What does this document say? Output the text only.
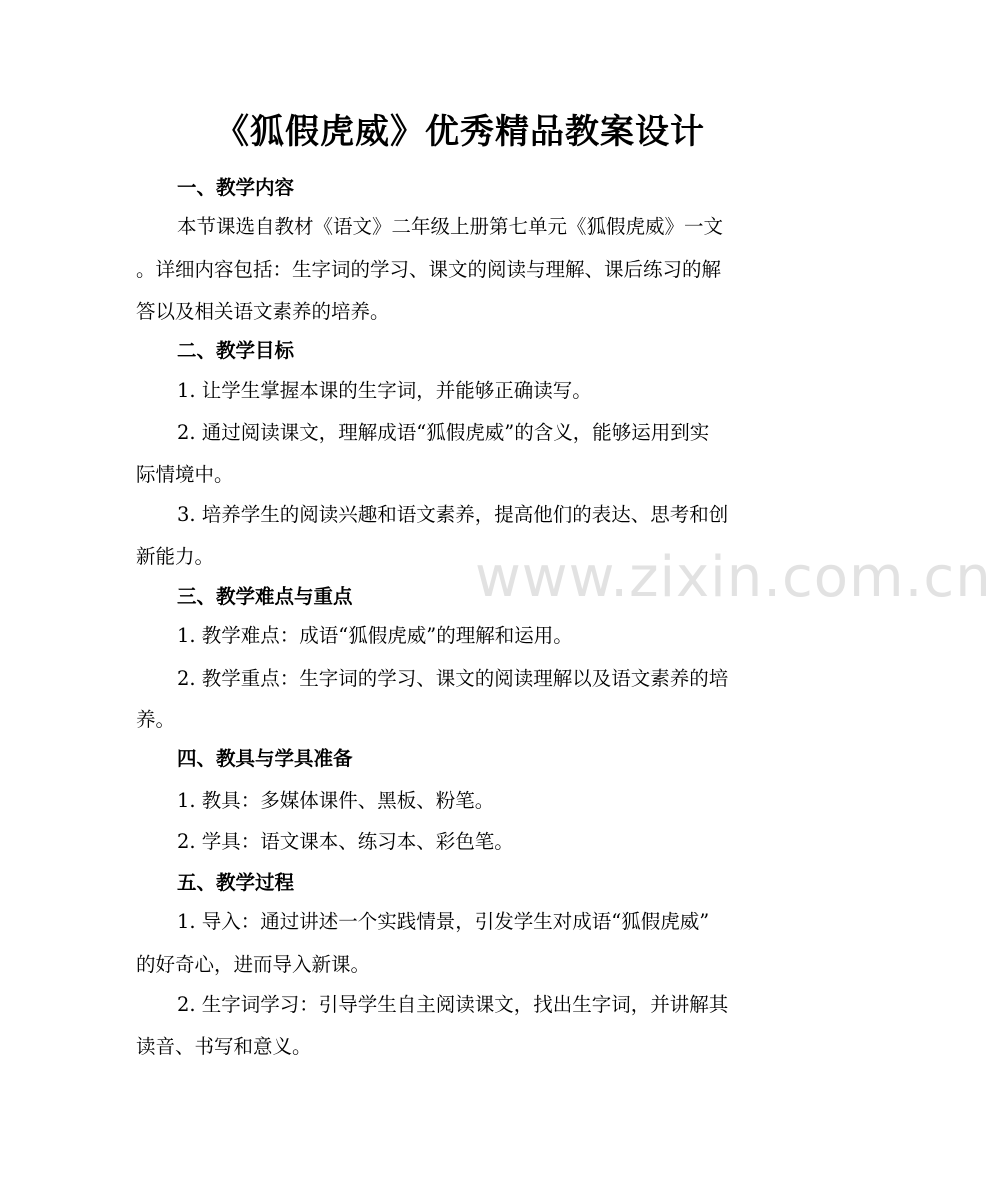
www.zixin.com.cn
《狐假虎威》优秀精品教案设计
一、教学内容
本节课选自教材《语文》二年级上册第七单元《狐假虎威》一文
。详细内容包括：生字词的学习、课文的阅读与理解、课后练习的解
答以及相关语文素养的培养。
二、教学目标
1. 让学生掌握本课的生字词，并能够正确读写。
2. 通过阅读课文，理解成语“狐假虎威”的含义，能够运用到实
际情境中。
3. 培养学生的阅读兴趣和语文素养，提高他们的表达、思考和创
新能力。
三、教学难点与重点
1. 教学难点：成语“狐假虎威”的理解和运用。
2. 教学重点：生字词的学习、课文的阅读理解以及语文素养的培
养。
四、教具与学具准备
1. 教具：多媒体课件、黑板、粉笔。
2. 学具：语文课本、练习本、彩色笔。
五、教学过程
1. 导入：通过讲述一个实践情景，引发学生对成语“狐假虎威”
的好奇心，进而导入新课。
2. 生字词学习：引导学生自主阅读课文，找出生字词，并讲解其
读音、书写和意义。
